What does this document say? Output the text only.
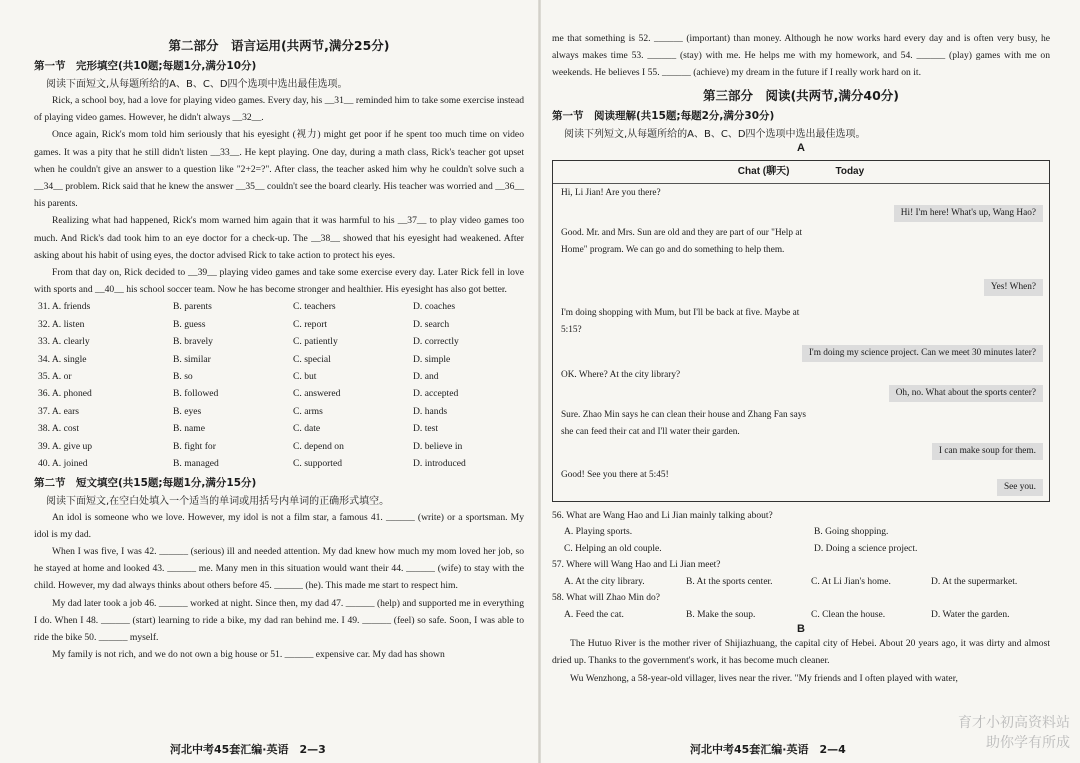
第二部分　语言运用(共两节,满分25分)
第一节　完形填空(共10题;每题1分,满分10分)
阅读下面短文,从每题所给的A、B、C、D四个选项中选出最佳选项。

Rick, a school boy, had a love for playing video games. Every day, his __31__ reminded him to take some exercise instead of playing video games. However, he didn't always __32__.

Once again, Rick's mom told him seriously that his eyesight (视力) might get poor if he spent too much time on video games. It was a pity that he still didn't listen __33__. He kept playing. One day, during a math class, Rick's teacher got upset when he couldn't give an answer to a question like "2+2=?". After class, the teacher asked him why he couldn't solve such a __34__ problem. Rick said that he knew the answer __35__ couldn't see the board clearly. His teacher was worried and __36__ his parents.

Realizing what had happened, Rick's mom warned him again that it was harmful to his __37__ to play video games too much. And Rick's dad took him to an eye doctor for a check-up. The __38__ showed that his eyesight had weakened. After asking about his habit of using eyes, the doctor advised Rick to take action to protect his eyes.

From that day on, Rick decided to __39__ playing video games and take some exercise every day. Later Rick fell in love with sports and __40__ his school soccer team. Now he has become stronger and healthier. His eyesight has also got better.

31. A. friends	B. parents	C. teachers	D. coaches
32. A. listen	B. guess	C. report	D. search
33. A. clearly	B. bravely	C. patiently	D. correctly
34. A. single	B. similar	C. special	D. simple
35. A. or	B. so	C. but	D. and
36. A. phoned	B. followed	C. answered	D. accepted
37. A. ears	B. eyes	C. arms	D. hands
38. A. cost	B. name	C. date	D. test
39. A. give up	B. fight for	C. depend on	D. believe in
40. A. joined	B. managed	C. supported	D. introduced
第二节　短文填空(共15题;每题1分,满分15分)
阅读下面短文,在空白处填入一个适当的单词或用括号内单词的正确形式填空。

An idol is someone who we love. However, my idol is not a film star, a famous 41. ______ (write) or a sportsman. My idol is my dad.

When I was five, I was 42. ______ (serious) ill and needed attention. My dad knew how much my mom loved her job, so he stayed at home and looked 43. ______ me. Many men in this situation would want their 44. ______ (wife) to stay with the child. However, my dad always thinks about others before 45. ______ (he). This made me start to respect him.

My dad later took a job 46. ______ worked at night. Since then, my dad 47. ______ (help) and supported me in everything I do. When I 48. ______ (start) learning to ride a bike, my dad ran behind me. I 49. ______ (feel) so safe. Soon, I was able to ride the bike 50. ______ myself.

My family is not rich, and we do not own a big house or 51. ______ expensive car. My dad has shown

河北中考45套汇编·英语　2—3

me that something is 52. ______ (important) than money. Although he now works hard every day and is often very busy, he always makes time 53. ______ (stay) with me. He helps me with my homework, and 54. ______ (play) games with me on weekends. He believes I 55. ______ (achieve) my dream in the future if I really work hard on it.

第三部分　阅读(共两节,满分40分)
第一节　阅读理解(共15题;每题2分,满分30分)
阅读下列短文,从每题所给的A、B、C、D四个选项中选出最佳选项。
A
Chat (聊天)	Today
Hi, Li Jian! Are you there?
Hi! I'm here! What's up, Wang Hao?
Good. Mr. and Mrs. Sun are old and they are part of our "Help at Home" program. We can go and do something to help them.
Yes! When?
I'm doing shopping with Mum, but I'll be back at five. Maybe at 5:15?
I'm doing my science project. Can we meet 30 minutes later?
OK. Where? At the city library?
Oh, no. What about the sports center?
Sure. Zhao Min says he can clean their house and Zhang Fan says she can feed their cat and I'll water their garden.
I can make soup for them.
Good! See you there at 5:45!
See you.
56. What are Wang Hao and Li Jian mainly talking about?
A. Playing sports.	B. Going shopping.
C. Helping an old couple.	D. Doing a science project.
57. Where will Wang Hao and Li Jian meet?
A. At the city library.	B. At the sports center.	C. At Li Jian's home.	D. At the supermarket.
58. What will Zhao Min do?
A. Feed the cat.	B. Make the soup.	C. Clean the house.	D. Water the garden.
B

The Hutuo River is the mother river of Shijiazhuang, the capital city of Hebei. About 20 years ago, it was dirty and almost dried up. Thanks to the government's work, it has become much cleaner.

Wu Wenzhong, a 58-year-old villager, lives near the river. "My friends and I often played with water,

河北中考45套汇编·英语　2—4
育才小初高资料站
助你学有所成
